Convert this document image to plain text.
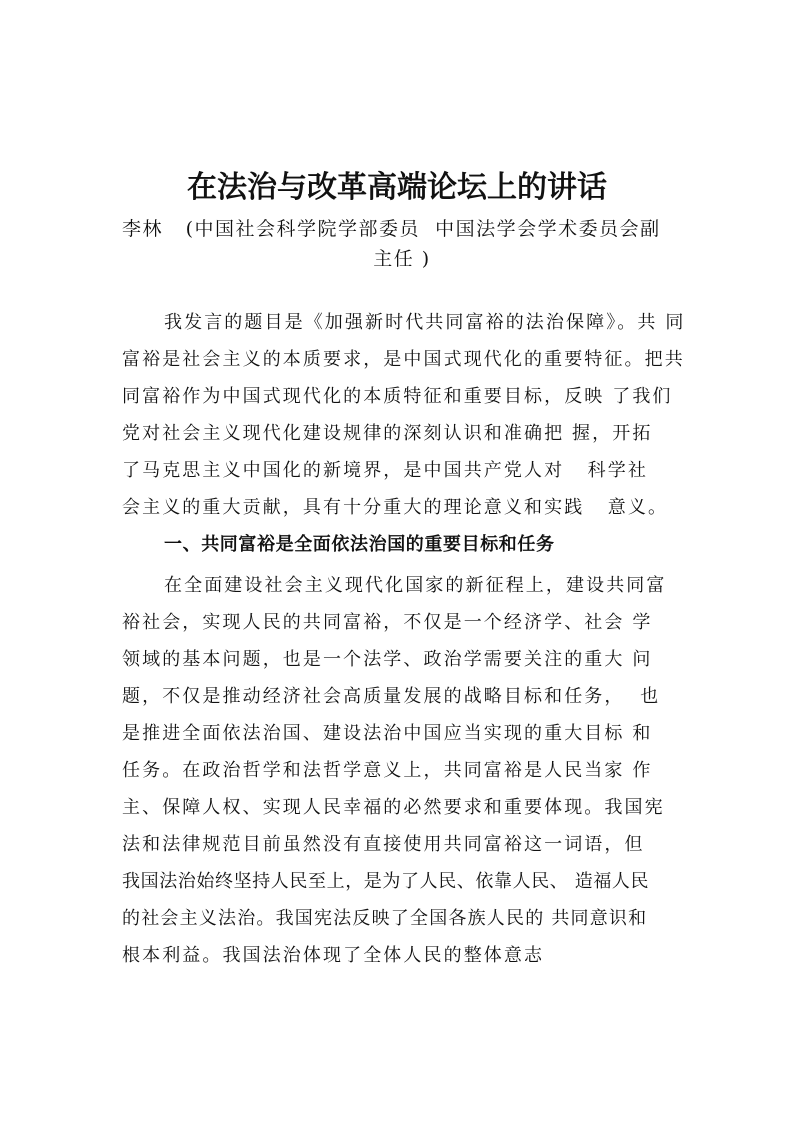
在法治与改革高端论坛上的讲话
李林   (中国社会科学院学部委员  中国法学会学术委员会副
主任 )
我发言的题目是《加强新时代共同富裕的法治保障》。共 同
富裕是社会主义的本质要求，是中国式现代化的重要特征。把共
同富裕作为中国式现代化的本质特征和重要目标，反映 了我们
党对社会主义现代化建设规律的深刻认识和准确把 握，开拓
了马克思主义中国化的新境界，是中国共产党人对   科学社
会主义的重大贡献，具有十分重大的理论意义和实践   意义。
一、共同富裕是全面依法治国的重要目标和任务
在全面建设社会主义现代化国家的新征程上，建设共同富
裕社会，实现人民的共同富裕，不仅是一个经济学、社会 学
领域的基本问题，也是一个法学、政治学需要关注的重大 问
题，不仅是推动经济社会高质量发展的战略目标和任务，  也
是推进全面依法治国、建设法治中国应当实现的重大目标 和
任务。在政治哲学和法哲学意义上，共同富裕是人民当家 作
主、保障人权、实现人民幸福的必然要求和重要体现。我国宪
法和法律规范目前虽然没有直接使用共同富裕这一词语，但
我国法治始终坚持人民至上，是为了人民、依靠人民、 造福人民
的社会主义法治。我国宪法反映了全国各族人民的 共同意识和
根本利益。我国法治体现了全体人民的整体意志
